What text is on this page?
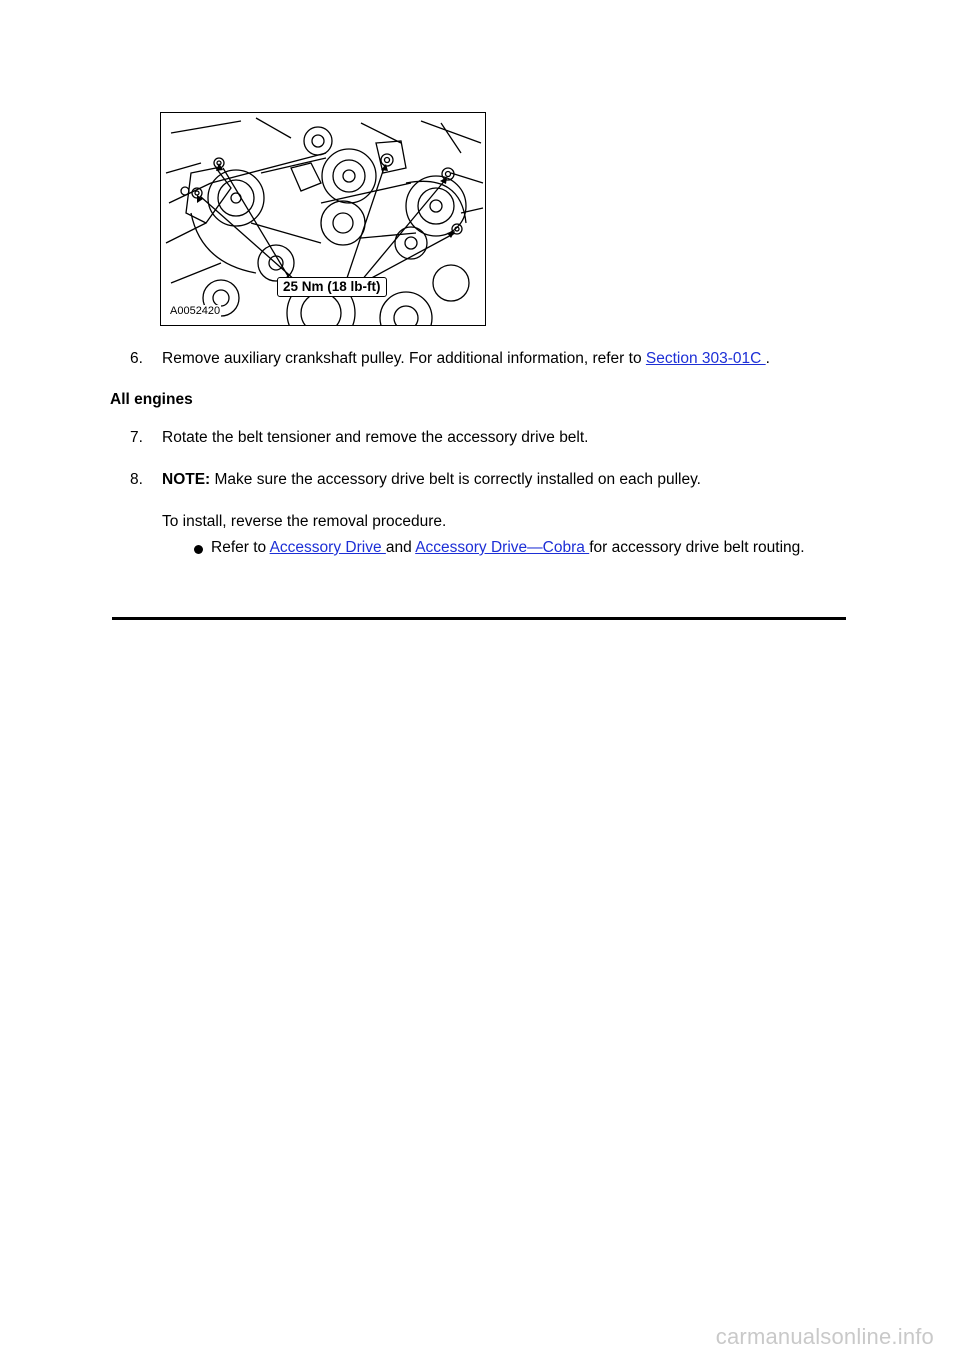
25 Nm (18 lb-ft)
A0052420
6. Remove auxiliary crankshaft pulley. For additional information, refer to Section 303-01C .
All engines
7. Rotate the belt tensioner and remove the accessory drive belt.
8. NOTE: Make sure the accessory drive belt is correctly installed on each pulley.
To install, reverse the removal procedure.
Refer to Accessory Drive and Accessory Drive—Cobra for accessory drive belt routing.
carmanualsonline.info
